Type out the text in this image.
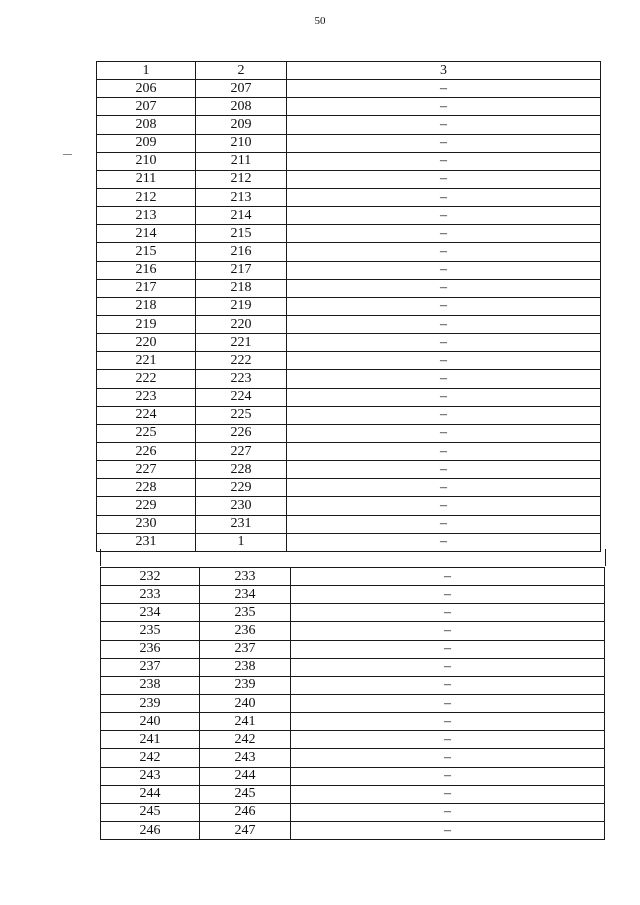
50
1	2	3
206	207	–
207	208	–
208	209	–
209	210	–
210	211	–
211	212	–
212	213	–
213	214	–
214	215	–
215	216	–
216	217	–
217	218	–
218	219	–
219	220	–
220	221	–
221	222	–
222	223	–
223	224	–
224	225	–
225	226	–
226	227	–
227	228	–
228	229	–
229	230	–
230	231	–
231	1	–
232	233	–
233	234	–
234	235	–
235	236	–
236	237	–
237	238	–
238	239	–
239	240	–
240	241	–
241	242	–
242	243	–
243	244	–
244	245	–
245	246	–
246	247	–
